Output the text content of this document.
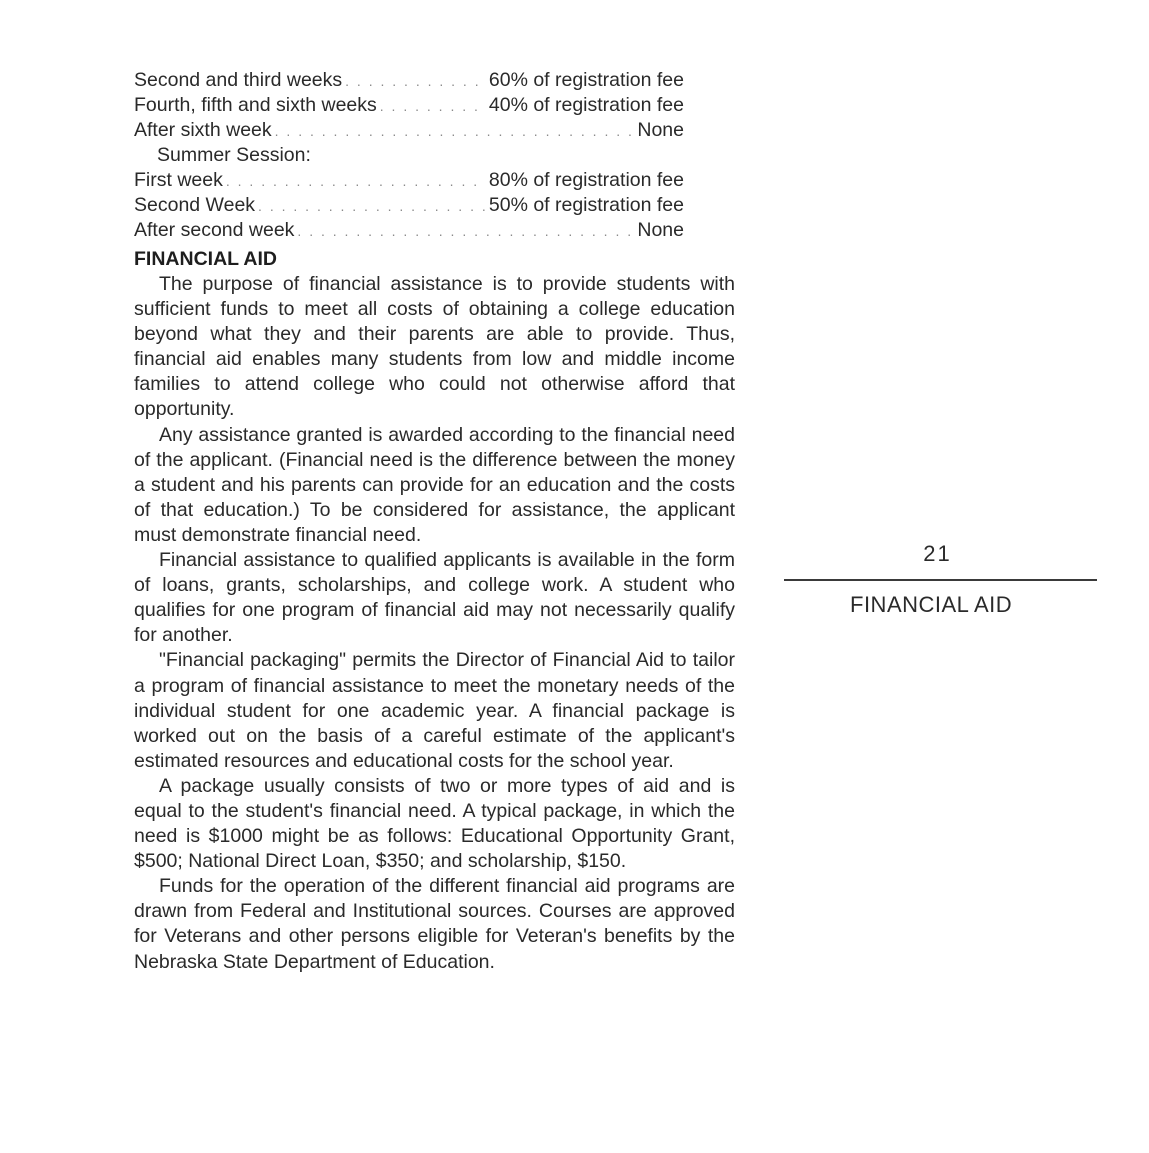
Second and third weeks . . .	60% of registration fee
Fourth, fifth and sixth weeks . . .	40% of registration fee
After sixth week . . .	None
Summer Session:
First week . . .	80% of registration fee
Second Week . . .	50% of registration fee
After second week . . .	None
FINANCIAL AID

The purpose of financial assistance is to provide students with sufficient funds to meet all costs of obtaining a college education beyond what they and their parents are able to provide. Thus, financial aid enables many students from low and middle income families to attend college who could not otherwise afford that opportunity.

Any assistance granted is awarded according to the financial need of the applicant. (Financial need is the difference between the money a student and his parents can provide for an education and the costs of that education.) To be considered for assistance, the applicant must demonstrate financial need.

Financial assistance to qualified applicants is available in the form of loans, grants, scholarships, and college work. A student who qualifies for one program of financial aid may not necessarily qualify for another.

"Financial packaging" permits the Director of Financial Aid to tailor a program of financial assistance to meet the monetary needs of the individual student for one academic year. A financial package is worked out on the basis of a careful estimate of the applicant's estimated resources and educational costs for the school year.

A package usually consists of two or more types of aid and is equal to the student's financial need. A typical package, in which the need is $1000 might be as follows: Educational Opportunity Grant, $500; National Direct Loan, $350; and scholarship, $150.

Funds for the operation of the different financial aid programs are drawn from Federal and Institutional sources. Courses are approved for Veterans and other persons eligible for Veteran's benefits by the Nebraska State Department of Education.

21
FINANCIAL AID
